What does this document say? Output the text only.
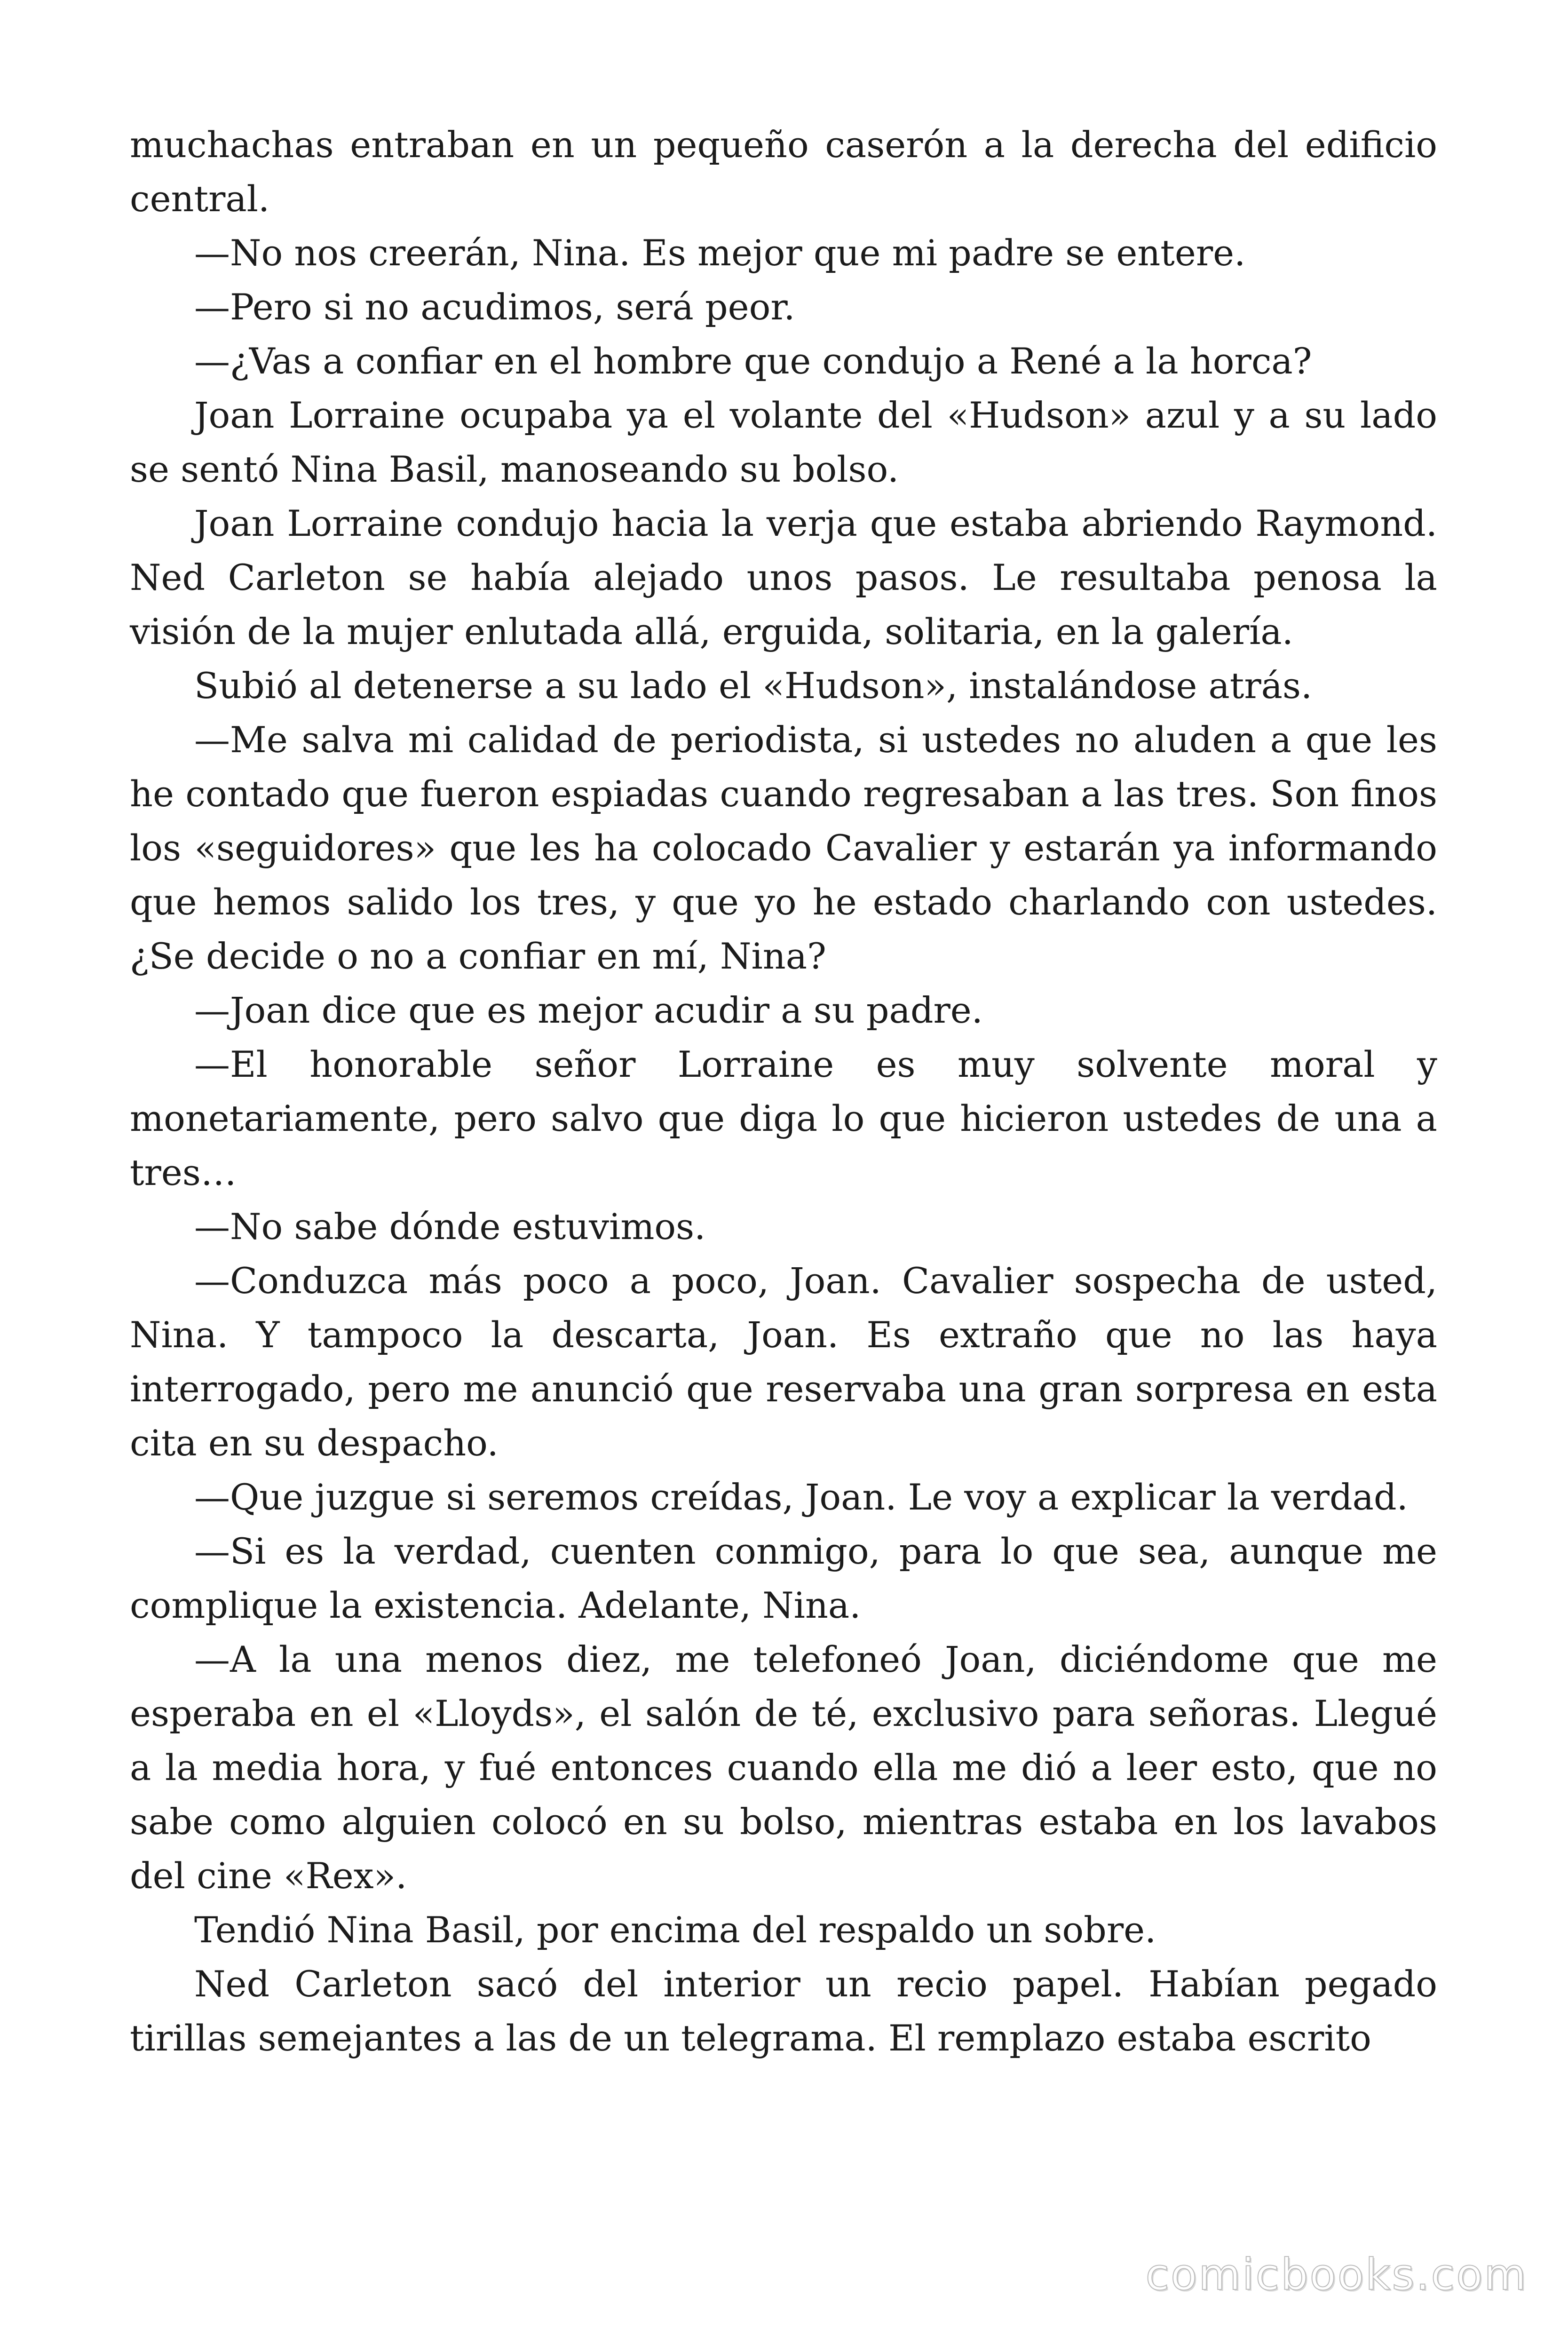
muchachas entraban en un pequeño caserón a la derecha del edificio central.

—No nos creerán, Nina. Es mejor que mi padre se entere.

—Pero si no acudimos, será peor.

—¿Vas a confiar en el hombre que condujo a René a la horca?

Joan Lorraine ocupaba ya el volante del «Hudson» azul y a su lado se sentó Nina Basil, manoseando su bolso.

Joan Lorraine condujo hacia la verja que estaba abriendo Raymond. Ned Carleton se había alejado unos pasos. Le resultaba penosa la visión de la mujer enlutada allá, erguida, solitaria, en la galería.

Subió al detenerse a su lado el «Hudson», instalándose atrás.

—Me salva mi calidad de periodista, si ustedes no aluden a que les he contado que fueron espiadas cuando regresaban a las tres. Son finos los «seguidores» que les ha colocado Cavalier y estarán ya informando que hemos salido los tres, y que yo he estado charlando con ustedes. ¿Se decide o no a confiar en mí, Nina?

—Joan dice que es mejor acudir a su padre.

—El honorable señor Lorraine es muy solvente moral y monetariamente, pero salvo que diga lo que hicieron ustedes de una a tres…

—No sabe dónde estuvimos.

—Conduzca más poco a poco, Joan. Cavalier sospecha de usted, Nina. Y tampoco la descarta, Joan. Es extraño que no las haya interrogado, pero me anunció que reservaba una gran sorpresa en esta cita en su despacho.

—Que juzgue si seremos creídas, Joan. Le voy a explicar la verdad.

—Si es la verdad, cuenten conmigo, para lo que sea, aunque me complique la existencia. Adelante, Nina.

—A la una menos diez, me telefoneó Joan, diciéndome que me esperaba en el «Lloyds», el salón de té, exclusivo para señoras. Llegué a la media hora, y fué entonces cuando ella me dió a leer esto, que no sabe como alguien colocó en su bolso, mientras estaba en los lavabos del cine «Rex».

Tendió Nina Basil, por encima del respaldo un sobre.

Ned Carleton sacó del interior un recio papel. Habían pegado tirillas semejantes a las de un telegrama. El remplazo estaba escrito

comicbooks.com
